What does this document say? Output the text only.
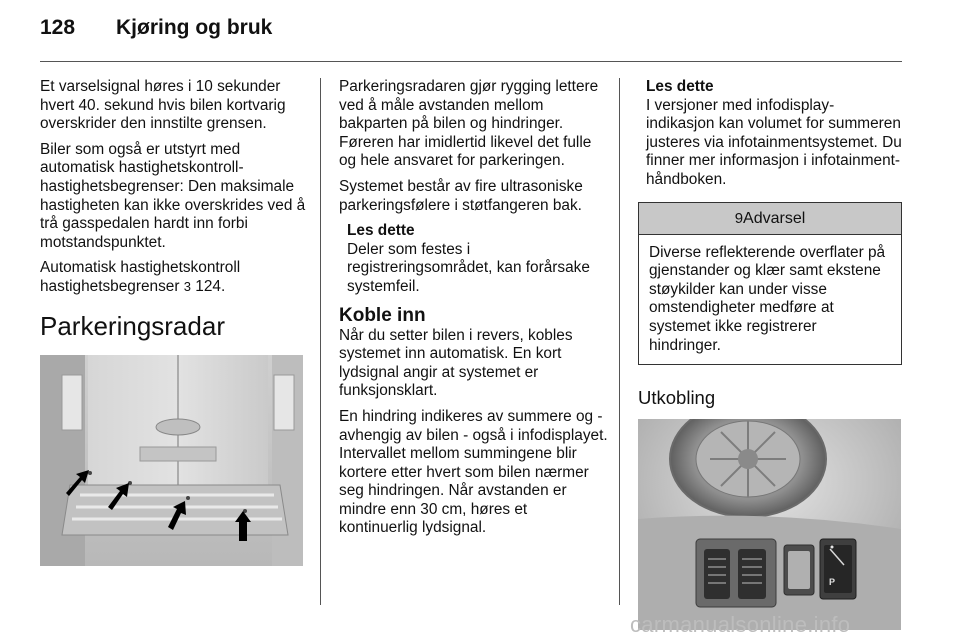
128 Kjøring og bruk

Et varselsignal høres i 10 sekunder hvert 40. sekund hvis bilen kortvarig overskrider den innstilte grensen.

Biler som også er utstyrt med automatisk hastighetskontroll-hastighetsbegrenser: Den maksimale hastigheten kan ikke overskrides ved å trå gasspedalen hardt inn forbi motstandspunktet.

Automatisk hastighetskontroll hastighetsbegrenser 3 124.

Parkeringsradar

Parkeringsradaren gjør rygging lettere ved å måle avstanden mellom bakparten på bilen og hindringer. Føreren har imidlertid likevel det fulle og hele ansvaret for parkeringen.

Systemet består av fire ultrasoniske parkeringsfølere i støtfangeren bak.

Les dette

Deler som festes i registreringsområdet, kan forårsake systemfeil.

Koble inn

Når du setter bilen i revers, kobles systemet inn automatisk. En kort lydsignal angir at systemet er funksjonsklart.

En hindring indikeres av summere og - avhengig av bilen - også i infodisplayet. Intervallet mellom summingene blir kortere etter hvert som bilen nærmer seg hindringen. Når avstanden er mindre enn 30 cm, høres et kontinuerlig lydsignal.

Les dette
I versjoner med infodisplay-indikasjon kan volumet for summeren justeres via infotainmentsystemet. Du finner mer informasjon i infotainment-håndboken.
9Advarsel
Diverse reflekterende overflater på gjenstander og klær samt ekstene støykilder kan under visse omstendigheter medføre at systemet ikke registrerer hindringer.
Utkobling
P
carmanualsonline.info
